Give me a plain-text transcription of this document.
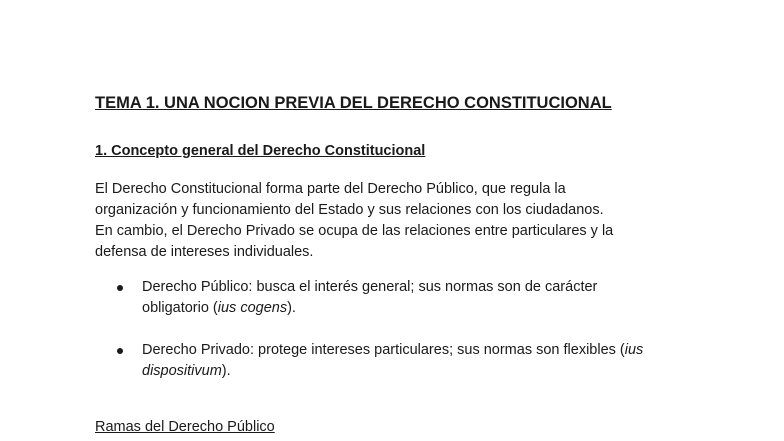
TEMA 1. UNA NOCION PREVIA DEL DERECHO CONSTITUCIONAL
1. Concepto general del Derecho Constitucional
El Derecho Constitucional forma parte del Derecho Público, que regula la
organización y funcionamiento del Estado y sus relaciones con los ciudadanos.
En cambio, el Derecho Privado se ocupa de las relaciones entre particulares y la
defensa de intereses individuales.
Derecho Público: busca el interés general; sus normas son de carácter
obligatorio (ius cogens).
Derecho Privado: protege intereses particulares; sus normas son flexibles (ius
dispositivum).
Ramas del Derecho Público
